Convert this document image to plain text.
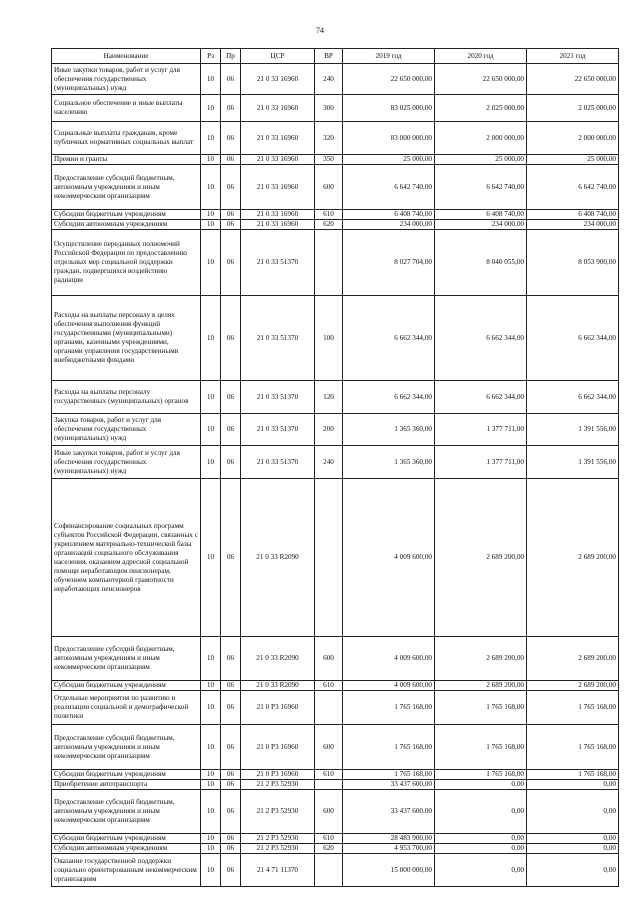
74
Наименование	Рз	Пр	ЦСР	ВР	2019 год	2020 год	2021 год
Иные закупки товаров, работ и услуг для обеспечения государственных (муниципальных) нужд	10	06	21 0 33 16960	240	22 650 000,00	22 650 000,00	22 650 000,00
Социальное обеспечение и иные выплаты населению	10	06	21 0 33 16960	300	83 025 000,00	2 025 000,00	2 025 000,00
Социальные выплаты гражданам, кроме публичных нормативных социальных выплат	10	06	21 0 33 16960	320	83 000 000,00	2 000 000,00	2 000 000,00
Премии и гранты	10	06	21 0 33 16960	350	25 000,00	25 000,00	25 000,00
Предоставление субсидий бюджетным, автономным учреждениям и иным некоммерческим организациям	10	06	21 0 33 16960	600	6 642 740,00	6 642 740,00	6 642 740,00
Субсидии бюджетным учреждениям	10	06	21 0 33 16960	610	6 408 740,00	6 408 740,00	6 408 740,00
Субсидии автономным учреждениям	10	06	21 0 33 16960	620	234 000,00	234 000,00	234 000,00
Осуществление переданных полномочий Российской Федерации по предоставлению отдельных мер социальной поддержки граждан, подвергшихся воздействию радиации	10	06	21 0 33 51370		8 027 704,00	8 040 055,00	8 053 900,00
Расходы на выплаты персоналу в целях обеспечения выполнения функций государственными (муниципальными) органами, казенными учреждениями, органами управления государственными внебюджетными фондами	10	06	21 0 33 51370	100	6 662 344,00	6 662 344,00	6 662 344,00
Расходы на выплаты персоналу государственных (муниципальных) органов	10	06	21 0 33 51370	120	6 662 344,00	6 662 344,00	6 662 344,00
Закупка товаров, работ и услуг для обеспечения государственных (муниципальных) нужд	10	06	21 0 33 51370	200	1 365 360,00	1 377 711,00	1 391 556,00
Иные закупки товаров, работ и услуг для обеспечения государственных (муниципальных) нужд	10	06	21 0 33 51370	240	1 365 360,00	1 377 711,00	1 391 556,00
Софинансирование социальных программ субъектов Российской Федерации, связанных с укреплением материально-технической базы организаций социального обслуживания населения, оказанием адресной социальной помощи неработающим пенсионерам, обучением компьютерной грамотности неработающих пенсионеров	10	06	21 0 33 R2090		4 009 600,00	2 689 200,00	2 689 200,00
Предоставление субсидий бюджетным, автономным учреждениям и иным некоммерческим организациям	10	06	21 0 33 R2090	600	4 009 600,00	2 689 200,00	2 689 200,00
Субсидии бюджетным учреждениям	10	06	21 0 33 R2090	610	4 009 600,00	2 689 200,00	2 689 200,00
Отдельные мероприятия по развитию и реализации социальной и демографической политики	10	06	21 0 P3 16960		1 765 168,00	1 765 168,00	1 765 168,00
Предоставление субсидий бюджетным, автономным учреждениям и иным некоммерческим организациям	10	06	21 0 P3 16960	600	1 765 168,00	1 765 168,00	1 765 168,00
Субсидии бюджетным учреждениям	10	06	21 0 P3 16960	610	1 765 168,00	1 765 168,00	1 765 168,00
Приобретение автотранспорта	10	06	21 2 P3 52930		33 437 600,00	0,00	0,00
Предоставление субсидий бюджетным, автономным учреждениям и иным некоммерческим организациям	10	06	21 2 P3 52930	600	33 437 600,00	0,00	0,00
Субсидии бюджетным учреждениям	10	06	21 2 P3 52930	610	28 483 900,00	0,00	0,00
Субсидии автономным учреждениям	10	06	21 2 P3 52930	620	4 953 700,00	0,00	0,00
Оказание государственной поддержки социально ориентированным некоммерческим организациям	10	06	21 4 71 11370		15 000 000,00	0,00	0,00
